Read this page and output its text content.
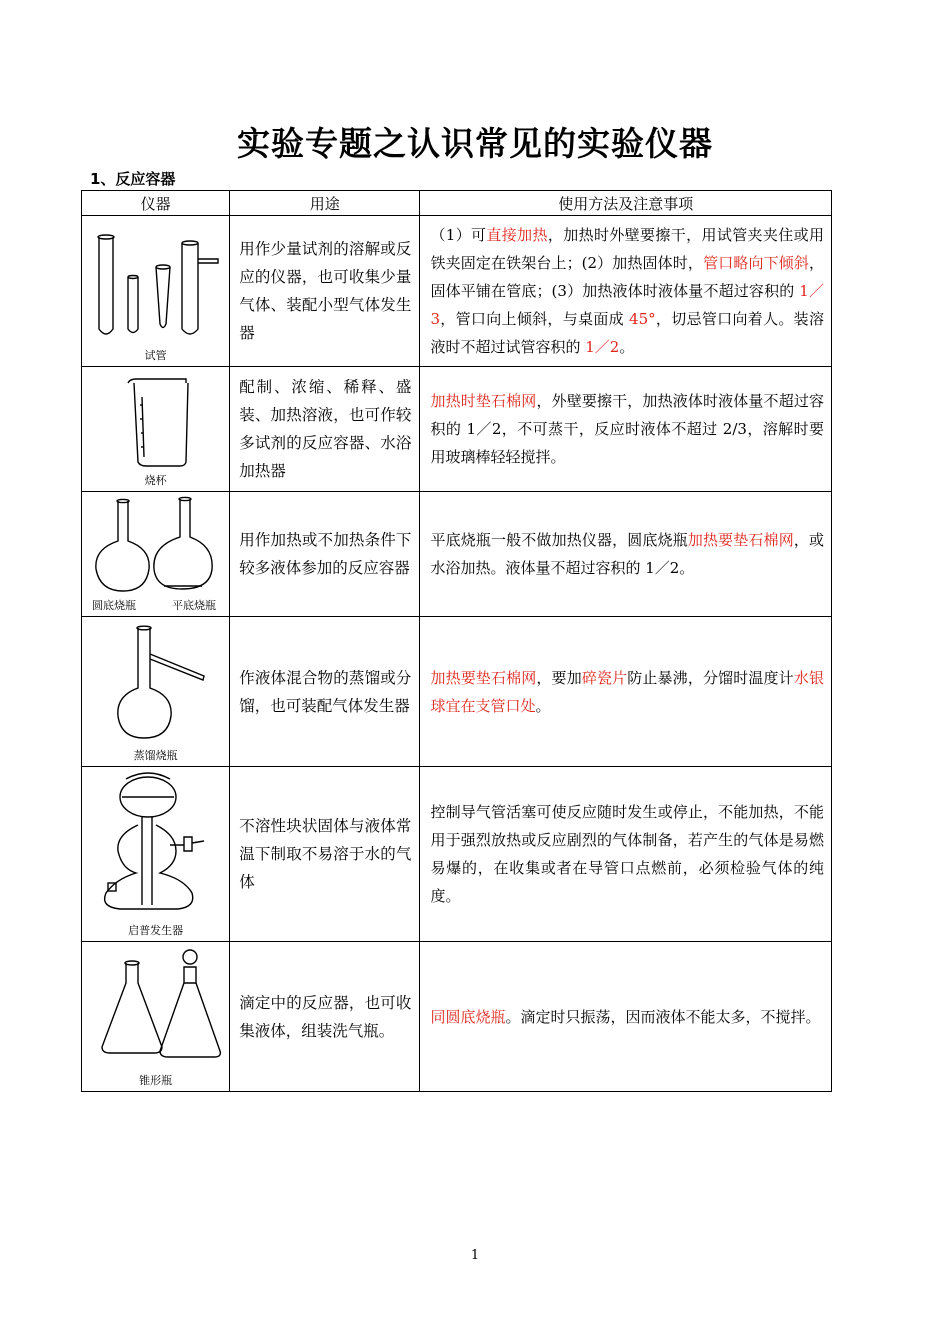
实验专题之认识常见的实验仪器
1、反应容器
仪器	用途	使用方法及注意事项

试管	用作少量试剂的溶解或反应的仪器，也可收集少量气体、装配小型气体发生器	（1）可直接加热，加热时外壁要擦干，用试管夹夹住或用铁夹固定在铁架台上；(2）加热固体时，管口略向下倾斜，固体平铺在管底；(3）加热液体时液体量不超过容积的 1／3，管口向上倾斜，与桌面成 45°，切忌管口向着人。装溶液时不超过试管容积的 1／2。

烧杯	配制、浓缩、稀释、盛装、加热溶液，也可作较多试剂的反应容器、水浴加热器	加热时垫石棉网，外壁要擦干，加热液体时液体量不超过容积的 1／2，不可蒸干，反应时液体不超过 2/3，溶解时要用玻璃棒轻轻搅拌。

圆底烧瓶 平底烧瓶	用作加热或不加热条件下较多液体参加的反应容器	平底烧瓶一般不做加热仪器，圆底烧瓶加热要垫石棉网，或水浴加热。液体量不超过容积的 1／2。

蒸馏烧瓶	作液体混合物的蒸馏或分馏，也可装配气体发生器	加热要垫石棉网，要加碎瓷片防止暴沸，分馏时温度计水银球宜在支管口处。

启普发生器	不溶性块状固体与液体常温下制取不易溶于水的气体	控制导气管活塞可使反应随时发生或停止，不能加热，不能用于强烈放热或反应剧烈的气体制备，若产生的气体是易燃易爆的，在收集或者在导管口点燃前，必须检验气体的纯度。

锥形瓶	滴定中的反应器，也可收集液体，组装洗气瓶。	同圆底烧瓶。滴定时只振荡，因而液体不能太多，不搅拌。
1
